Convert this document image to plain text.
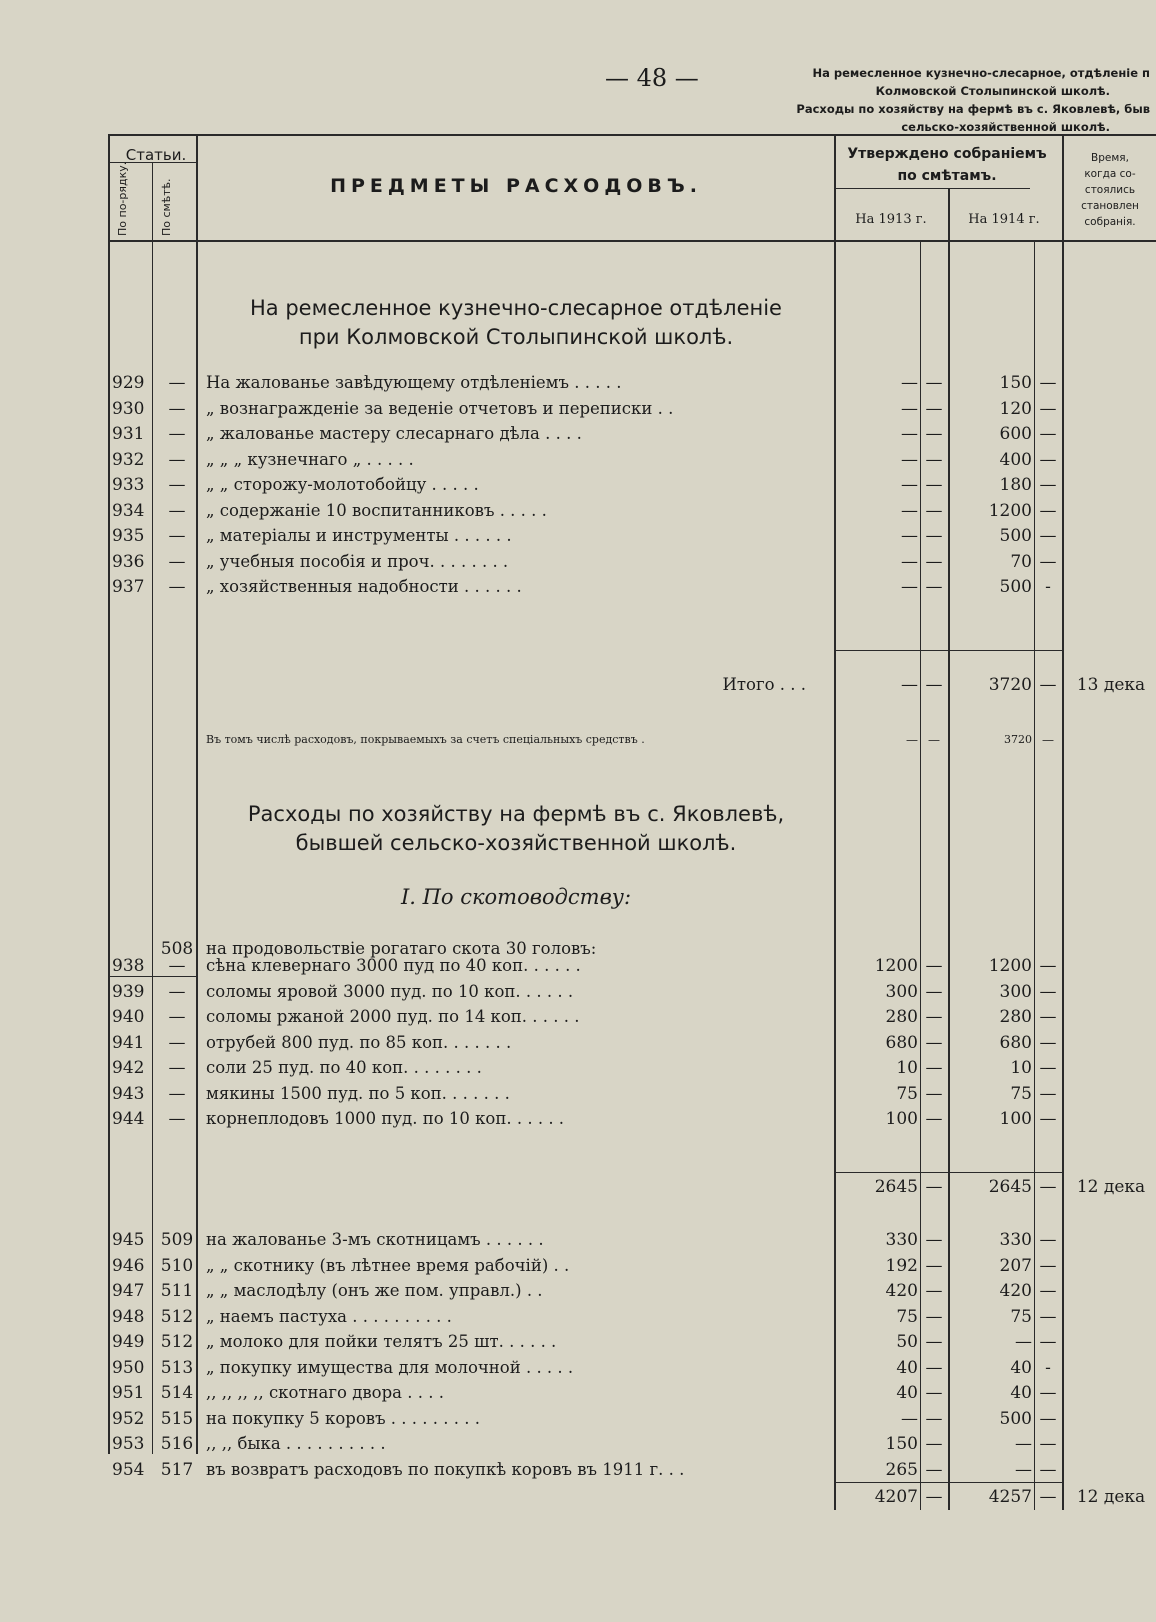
— 48 —	На ремесленное кузнечно-слесарное, отдѣленіе п
Колмовской Столыпинской школѣ.
Расходы по хозяйству на фермѣ въ с. Яковлевѣ, быв
сельско-хозяйственной школѣ.
Статьи.
По по-рядку.	По смѣтѣ.	ПРЕДМЕТЫ РАСХОДОВЪ.
Утверждено собраніемъ
по смѣтамъ.
На 1913 г.	На 1914 г.
Время,
когда со-
стоялись
становлен
собранія.
На ремесленное кузнечно-слесарное отдѣленіе
при Колмовской Столыпинской школѣ.
929	—	На жалованье завѣдующему отдѣленіемъ . . . . .	— —	150 —
930	—	„ вознагражденіе за веденіе отчетовъ и переписки . .	— —	120 —
931	—	„ жалованье мастеру слесарнаго дѣла . . . .	— —	600 —
932	—	„ „ „ кузнечнаго „ . . . . .	— —	400 —
933	—	„ „ сторожу-молотобойцу . . . . .	— —	180 —
934	—	„ содержаніе 10 воспитанниковъ . . . . .	— —	1200 —
935	—	„ матеріалы и инструменты . . . . . .	— —	500 —
936	—	„ учебныя пособія и проч. . . . . . . .	— —	70 —
937	—	„ хозяйственныя надобности . . . . . .	— —	500 -
Итого . . .	— —	3720 —	13 дека
Въ томъ числѣ расходовъ, покрываемыхъ за счетъ спеціальныхъ средствъ .	— —	3720 —
Расходы по хозяйству на фермѣ въ с. Яковлевѣ,
бывшей сельско-хозяйственной школѣ.
I. По скотоводству:
508 на продовольствіе рогатаго скота 30 головъ:
938	—	сѣна клевернаго 3000 пуд по 40 коп. . . . . .	1200 —	1200 —
939	—	соломы яровой 3000 пуд. по 10 коп. . . . . .	300 —	300 —
940	—	соломы ржаной 2000 пуд. по 14 коп. . . . . .	280 —	280 —
941	—	отрубей 800 пуд. по 85 коп. . . . . . .	680 —	680 —
942	—	соли 25 пуд. по 40 коп. . . . . . . .	10 —	10 —
943	—	мякины 1500 пуд. по 5 коп. . . . . . .	75 —	75 —
944	—	корнеплодовъ 1000 пуд. по 10 коп. . . . . .	100 —	100 —
2645 —	2645 —	12 дека
945 509 на жалованье 3-мъ скотницамъ . . . . . .	330 —	330 —
946 510 „ „ скотнику (въ лѣтнее время рабочій) . .	192 —	207 —
947 511 „ „ маслодѣлу (онъ же пом. управл.) . .	420 —	420 —
948 512 „ наемъ пастуха . . . . . . . . . .	75 —	75 —
949 512 „ молоко для пойки телятъ 25 шт. . . . . .	50 —	— —
950 513 „ покупку имущества для молочной . . . . .	40 —	40 -
951 514 ,, ,, ,, ,, скотнаго двора . . . .	40 —	40 —
952 515 на покупку 5 коровъ . . . . . . . . .	— —	500 —
953 516 ,, ,, быка . . . . . . . . . .	150 —	— —
954 517 въ возвратъ расходовъ по покупкѣ коровъ въ 1911 г. . .	265 —	— —
4207 —	4257 —	12 дека
